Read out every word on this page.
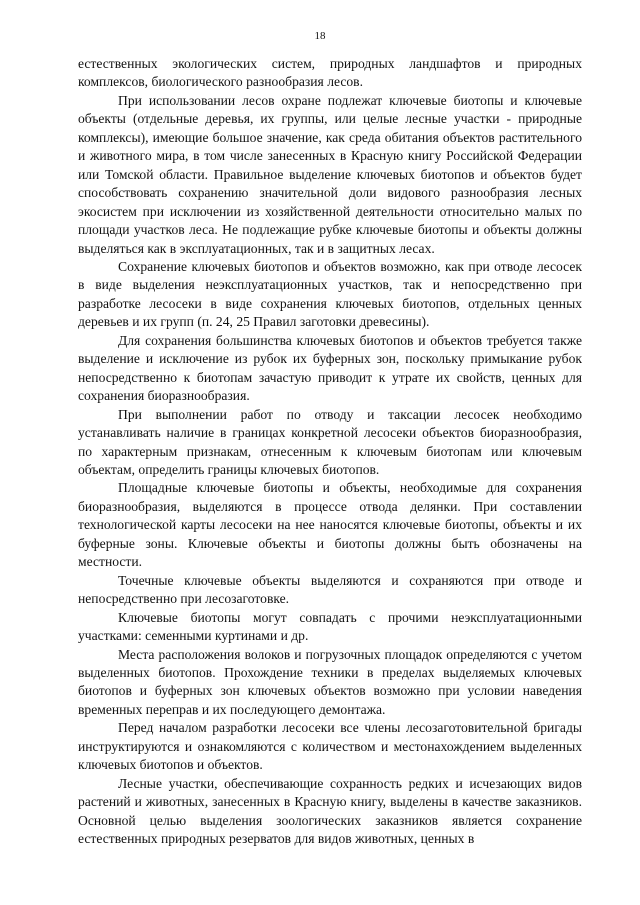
18

естественных экологических систем, природных ландшафтов и природных комплексов, биологического разнообразия лесов.

При использовании лесов охране подлежат ключевые биотопы и ключевые объекты (отдельные деревья, их группы, или целые лесные участки - природные комплексы), имеющие большое значение, как среда обитания объектов растительного и животного мира, в том числе занесенных в Красную книгу Российской Федерации или Томской области. Правильное выделение ключевых биотопов и объектов будет способствовать сохранению значительной доли видового разнообразия лесных экосистем при исключении из хозяйственной деятельности относительно малых по площади участков леса. Не подлежащие рубке ключевые биотопы и объекты должны выделяться как в эксплуатационных, так и в защитных лесах.

Сохранение ключевых биотопов и объектов возможно, как при отводе лесосек в виде выделения неэксплуатационных участков, так и непосредственно при разработке лесосеки в виде сохранения ключевых биотопов, отдельных ценных деревьев и их групп (п. 24, 25 Правил заготовки древесины).

Для сохранения большинства ключевых биотопов и объектов требуется также выделение и исключение из рубок их буферных зон, поскольку примыкание рубок непосредственно к биотопам зачастую приводит к утрате их свойств, ценных для сохранения биоразнообразия.

При выполнении работ по отводу и таксации лесосек необходимо устанавливать наличие в границах конкретной лесосеки объектов биоразнообразия, по характерным признакам, отнесенным к ключевым биотопам или ключевым объектам, определить границы ключевых биотопов.

Площадные ключевые биотопы и объекты, необходимые для сохранения биоразнообразия, выделяются в процессе отвода делянки. При составлении технологической карты лесосеки на нее наносятся ключевые биотопы, объекты и их буферные зоны. Ключевые объекты и биотопы должны быть обозначены на местности.

Точечные ключевые объекты выделяются и сохраняются при отводе и непосредственно при лесозаготовке.

Ключевые биотопы могут совпадать с прочими неэксплуатационными участками: семенными куртинами и др.

Места расположения волоков и погрузочных площадок определяются с учетом выделенных биотопов. Прохождение техники в пределах выделяемых ключевых биотопов и буферных зон ключевых объектов возможно при условии наведения временных переправ и их последующего демонтажа.

Перед началом разработки лесосеки все члены лесозаготовительной бригады инструктируются и ознакомляются с количеством и местонахождением выделенных ключевых биотопов и объектов.

Лесные участки, обеспечивающие сохранность редких и исчезающих видов растений и животных, занесенных в Красную книгу, выделены в качестве заказников. Основной целью выделения зоологических заказников является сохранение естественных природных резерватов для видов животных, ценных в
